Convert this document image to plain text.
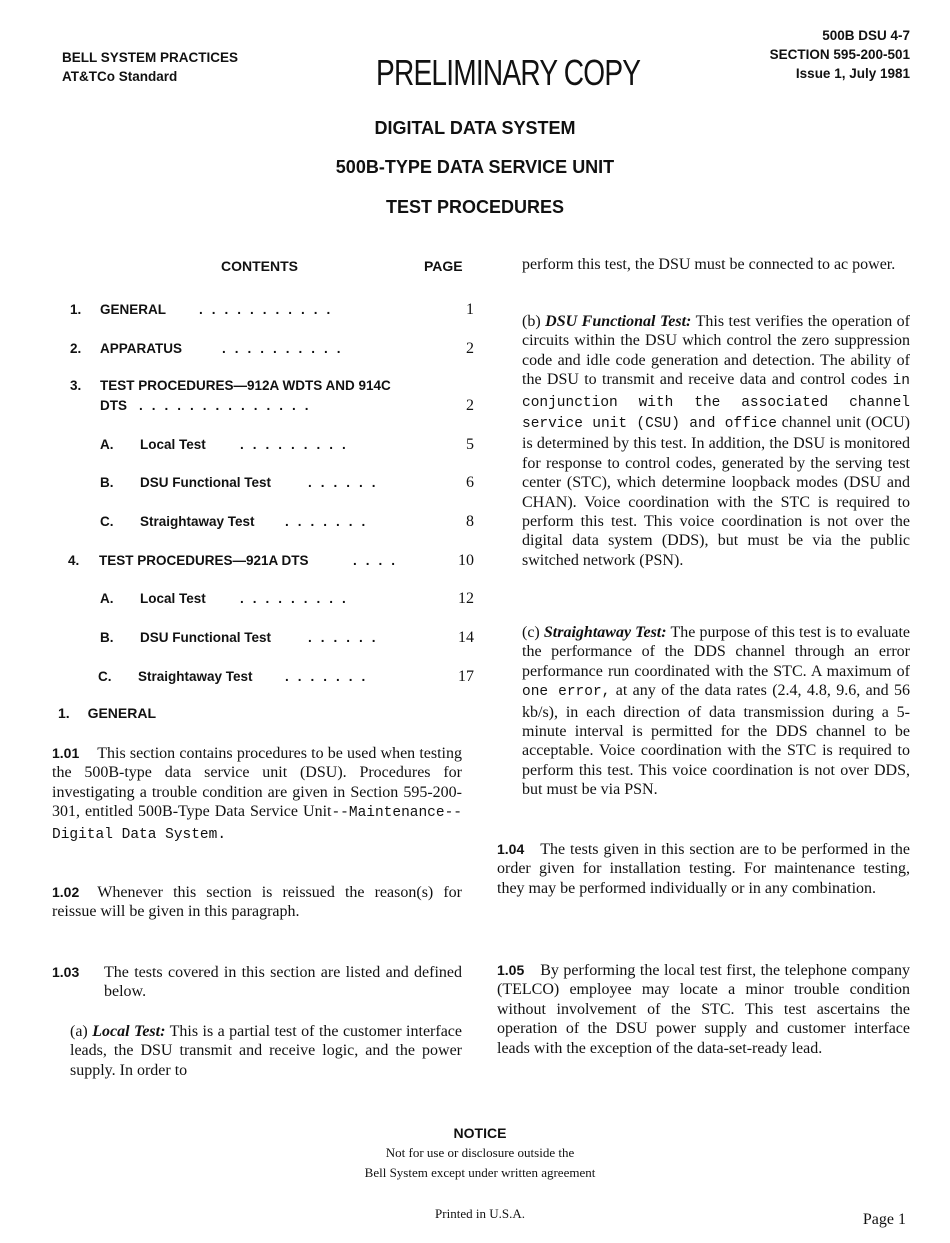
BELL SYSTEM PRACTICES
AT&TCo Standard	PRELIMINARY COPY
500B DSU 4-7
SECTION 595-200-501
Issue 1, July 1981
DIGITAL DATA SYSTEM
500B-TYPE DATA SERVICE UNIT
TEST PROCEDURES
CONTENTS	PAGE
1. GENERAL ...........	1
2. APPARATUS	..........	2
3. TEST PROCEDURES—912A WDTS AND 914C
DTS ..............	2
A. Local Test	.........	5
B. DSU Functional Test	......	6
C. Straightaway Test .......	8
4. TEST PROCEDURES—921A DTS	....	10
A. Local Test	.........	12
B. DSU Functional Test	......	14
C. Straightaway Test .......	17
1. GENERAL
1.01 This section contains procedures to be used when testing the 500B-type data service unit (DSU). Procedures for investigating a trouble condition are given in Section 595-200-301, entitled 500B-Type Data Service Unit--Maintenance--Digital Data System.
1.02 Whenever this section is reissued the reason(s) for reissue will be given in this paragraph.
1.03 The tests covered in this section are listed and defined below.
(a) Local Test: This is a partial test of the customer interface leads, the DSU transmit and receive logic, and the power supply. In order to
perform this test, the DSU must be connected to ac power.
(b) DSU Functional Test: This test verifies the operation of circuits within the DSU which control the zero suppression code and idle code generation and detection. The ability of the DSU to transmit and receive data and control codes in conjunction with the associated channel service unit (CSU) and office channel unit (OCU) is determined by this test. In addition, the DSU is monitored for response to control codes, generated by the serving test center (STC), which determine loopback modes (DSU and CHAN). Voice coordination with the STC is required to perform this test. This voice coordination is not over the digital data system (DDS), but must be via the public switched network (PSN).
(c) Straightaway Test: The purpose of this test is to evaluate the performance of the DDS channel through an error performance run coordinated with the STC. A maximum of one error, at any of the data rates (2.4, 4.8, 9.6, and 56 kb/s), in each direction of data transmission during a 5-minute interval is permitted for the DDS channel to be acceptable. Voice coordination with the STC is required to perform this test. This voice coordination is not over DDS, but must be via PSN.
1.04 The tests given in this section are to be performed in the order given for installation testing. For maintenance testing, they may be performed individually or in any combination.
1.05 By performing the local test first, the telephone company (TELCO) employee may locate a minor trouble condition without involvement of the STC. This test ascertains the operation of the DSU power supply and customer interface leads with the exception of the data-set-ready lead.
NOTICE
Not for use or disclosure outside the
Bell System except under written agreement
Printed in U.S.A.	Page 1
